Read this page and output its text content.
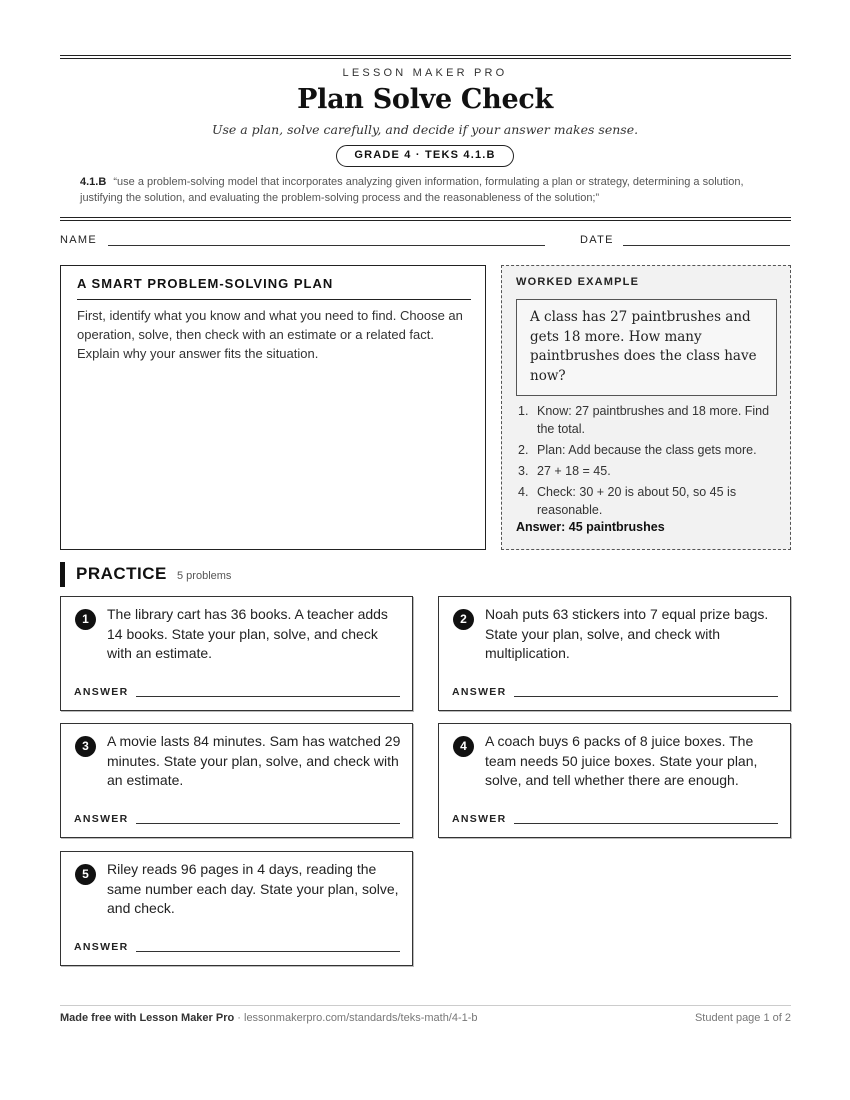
LESSON MAKER PRO
Plan Solve Check
Use a plan, solve carefully, and decide if your answer makes sense.
GRADE 4 · TEKS 4.1.B
4.1.B “use a problem-solving model that incorporates analyzing given information, formulating a plan or strategy, determining a solution, justifying the solution, and evaluating the problem-solving process and the reasonableness of the solution;”
NAME	DATE
A SMART PROBLEM-SOLVING PLAN
First, identify what you know and what you need to find. Choose an operation, solve, then check with an estimate or a related fact. Explain why your answer fits the situation.
WORKED EXAMPLE
A class has 27 paintbrushes and gets 18 more. How many paintbrushes does the class have now?
1. Know: 27 paintbrushes and 18 more. Find the total.
2. Plan: Add because the class gets more.
3. 27 + 18 = 45.
4. Check: 30 + 20 is about 50, so 45 is reasonable.
Answer: 45 paintbrushes
PRACTICE 5 problems
1	The library cart has 36 books. A teacher adds 14 books. State your plan, solve, and check with an estimate.
ANSWER
2	Noah puts 63 stickers into 7 equal prize bags. State your plan, solve, and check with multiplication.
ANSWER
3	A movie lasts 84 minutes. Sam has watched 29 minutes. State your plan, solve, and check with an estimate.
ANSWER
4	A coach buys 6 packs of 8 juice boxes. The team needs 50 juice boxes. State your plan, solve, and tell whether there are enough.
ANSWER
5	Riley reads 96 pages in 4 days, reading the same number each day. State your plan, solve, and check.
ANSWER
Made free with Lesson Maker Pro · lessonmakerpro.com/standards/teks-math/4-1-b	Student page 1 of 2
